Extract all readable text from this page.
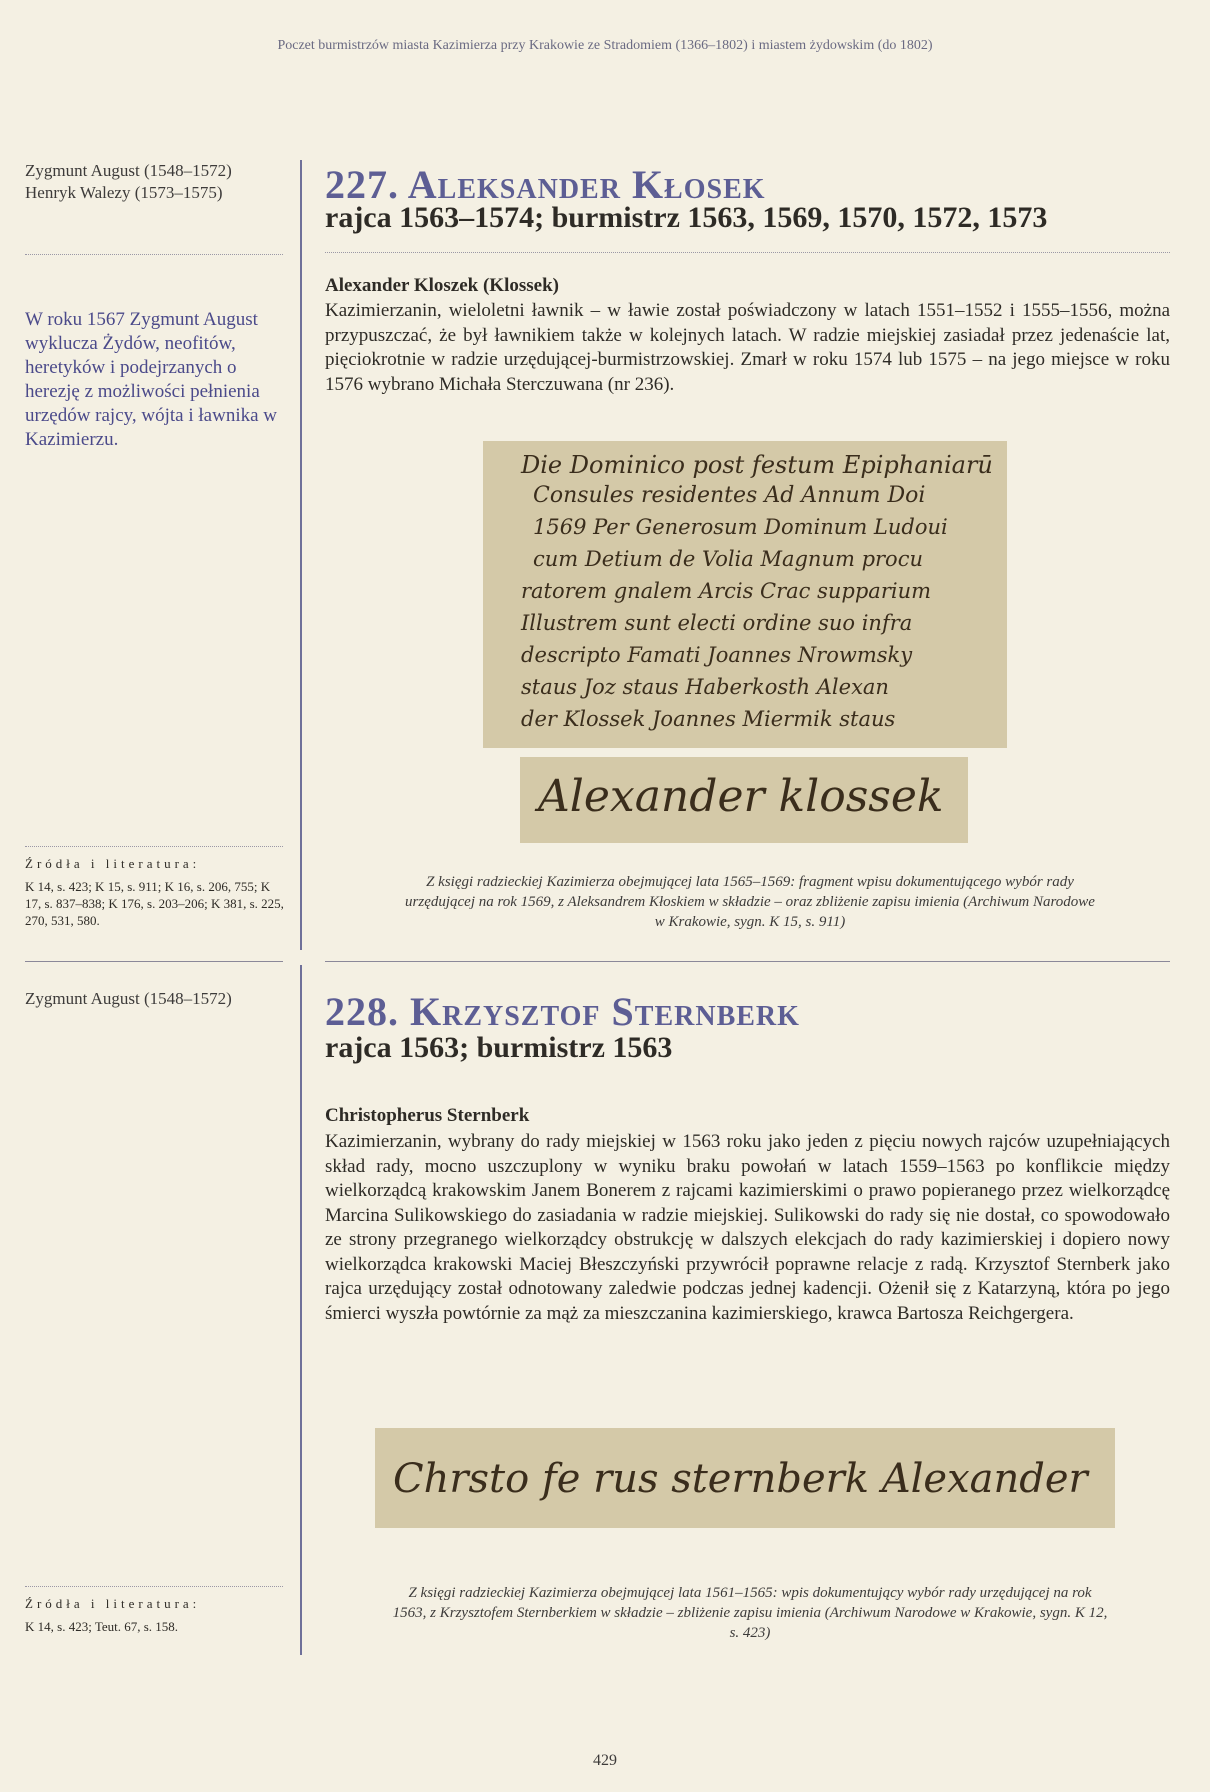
Poczet burmistrzów miasta Kazimierza przy Krakowie ze Stradomiem (1366–1802) i miastem żydowskim (do 1802)
Zygmunt August (1548–1572)
Henryk Walezy (1573–1575)
W roku 1567 Zygmunt August wyklucza Żydów, neofitów, heretyków i podejrzanych o herezję z możliwości pełnienia urzędów rajcy, wójta i ławnika w Kazimierzu.
227. Aleksander Kłosek
rajca 1563–1574; burmistrz 1563, 1569, 1570, 1572, 1573
Alexander Kloszek (Klossek)
Kazimierzanin, wieloletni ławnik – w ławie został poświadczony w latach 1551–1552 i 1555–1556, można przypuszczać, że był ławnikiem także w kolejnych latach. W radzie miejskiej zasiadał przez jedenaście lat, pięciokrotnie w radzie urzędującej-burmistrzowskiej. Zmarł w roku 1574 lub 1575 – na jego miejsce w roku 1576 wybrano Michała Sterczuwana (nr 236).
Die Dominico post festum Epiphaniarū
Consules residentes Ad Annum Doi
1569 Per Generosum Dominum Ludoui
cum Detium de Volia Magnum procu
ratorem gnalem Arcis Crac supparium
Illustrem sunt electi ordine suo infra
descripto Famati Joannes Nrowmsky
staus Joz staus Haberkosth Alexan
der Klossek Joannes Miermik staus
Alexander klossek
Źródła i literatura:
K 14, s. 423; K 15, s. 911; K 16, s. 206, 755; K 17, s. 837–838; K 176, s. 203–206; K 381, s. 225, 270, 531, 580.
Z księgi radzieckiej Kazimierza obejmującej lata 1565–1569: fragment wpisu dokumentującego wybór rady urzędującej na rok 1569, z Aleksandrem Kłoskiem w składzie – oraz zbliżenie zapisu imienia (Archiwum Narodowe w Krakowie, sygn. K 15, s. 911)
Zygmunt August (1548–1572)	228. Krzysztof Sternberk
rajca 1563; burmistrz 1563
Christopherus Sternberk
Kazimierzanin, wybrany do rady miejskiej w 1563 roku jako jeden z pięciu nowych rajców uzupełniających skład rady, mocno uszczuplony w wyniku braku powołań w latach 1559–1563 po konflikcie między wielkorządcą krakowskim Janem Bonerem z rajcami kazimierskimi o prawo popieranego przez wielkorządcę Marcina Sulikowskiego do zasiadania w radzie miejskiej. Sulikowski do rady się nie dostał, co spowodowało ze strony przegranego wielkorządcy obstrukcję w dalszych elekcjach do rady kazimierskiej i dopiero nowy wielkorządca krakowski Maciej Błeszczyński przywrócił poprawne relacje z radą. Krzysztof Sternberk jako rajca urzędujący został odnotowany zaledwie podczas jednej kadencji. Ożenił się z Katarzyną, która po jego śmierci wyszła powtórnie za mąż za mieszczanina kazimierskiego, krawca Bartosza Reichgergera.
Chrsto fe rus sternberk Alexander
Źródła i literatura:
K 14, s. 423; Teut. 67, s. 158.
Z księgi radzieckiej Kazimierza obejmującej lata 1561–1565: wpis dokumentujący wybór rady urzędującej na rok 1563, z Krzysztofem Sternberkiem w składzie – zbliżenie zapisu imienia (Archiwum Narodowe w Krakowie, sygn. K 12, s. 423)
429
